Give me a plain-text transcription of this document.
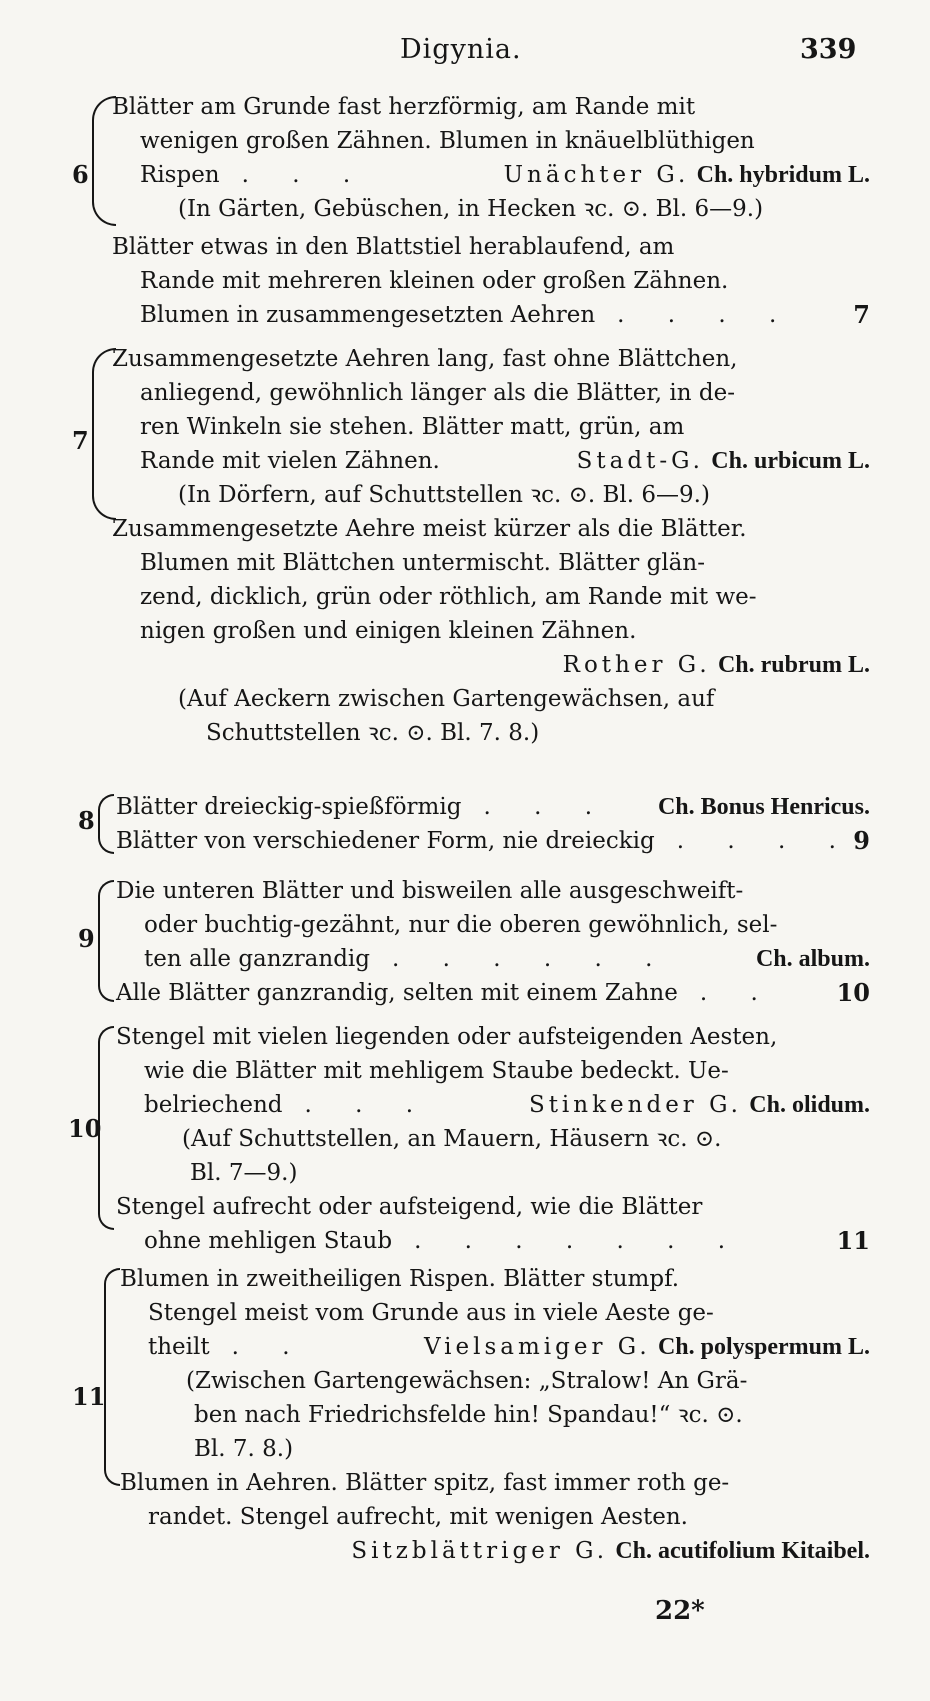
Digynia.	339
6
Blätter am Grunde fast herzförmig, am Rande mit
wenigen großen Zähnen. Blumen in knäuelblüthigen
Rispen . . .	Unächter G. Ch. hybridum L.
(In Gärten, Gebüschen, in Hecken ꝛc. ⊙. Bl. 6—9.)
Blätter etwas in den Blattstiel herablaufend, am
Rande mit mehreren kleinen oder großen Zähnen.
Blumen in zusammengesetzten Aehren . . . . 7
7
Zusammengesetzte Aehren lang, fast ohne Blättchen,
anliegend, gewöhnlich länger als die Blätter, in de-
ren Winkeln sie stehen. Blätter matt, grün, am
Rande mit vielen Zähnen.	Stadt-G. Ch. urbicum L.
(In Dörfern, auf Schuttstellen ꝛc. ⊙. Bl. 6—9.)
Zusammengesetzte Aehre meist kürzer als die Blätter.
Blumen mit Blättchen untermischt. Blätter glän-
zend, dicklich, grün oder röthlich, am Rande mit we-
nigen großen und einigen kleinen Zähnen.
Rother G. Ch. rubrum L.
(Auf Aeckern zwischen Gartengewächsen, auf
Schuttstellen ꝛc. ⊙. Bl. 7. 8.)
8 Blätter dreieckig-spießförmig . . . Ch. Bonus Henricus.
Blätter von verschiedener Form, nie dreieckig . . . . 9
9
Die unteren Blätter und bisweilen alle ausgeschweift-
oder buchtig-gezähnt, nur die oberen gewöhnlich, sel-
ten alle ganzrandig . . . . . .	Ch. album.
Alle Blätter ganzrandig, selten mit einem Zahne . .	10
10
Stengel mit vielen liegenden oder aufsteigenden Aesten,
wie die Blätter mit mehligem Staube bedeckt. Ue-
belriechend . . .	Stinkender G. Ch. olidum.
(Auf Schuttstellen, an Mauern, Häusern ꝛc. ⊙.
Bl. 7—9.)
Stengel aufrecht oder aufsteigend, wie die Blätter
ohne mehligen Staub . . . . . . .	11
11
Blumen in zweitheiligen Rispen. Blätter stumpf.
Stengel meist vom Grunde aus in viele Aeste ge-
theilt . .	Vielsamiger G. Ch. polyspermum L.
(Zwischen Gartengewächsen: „Stralow! An Grä-
ben nach Friedrichsfelde hin! Spandau!“ ꝛc. ⊙.
Bl. 7. 8.)
Blumen in Aehren. Blätter spitz, fast immer roth ge-
randet. Stengel aufrecht, mit wenigen Aesten.
Sitzblättriger G. Ch. acutifolium Kitaibel.
22*
